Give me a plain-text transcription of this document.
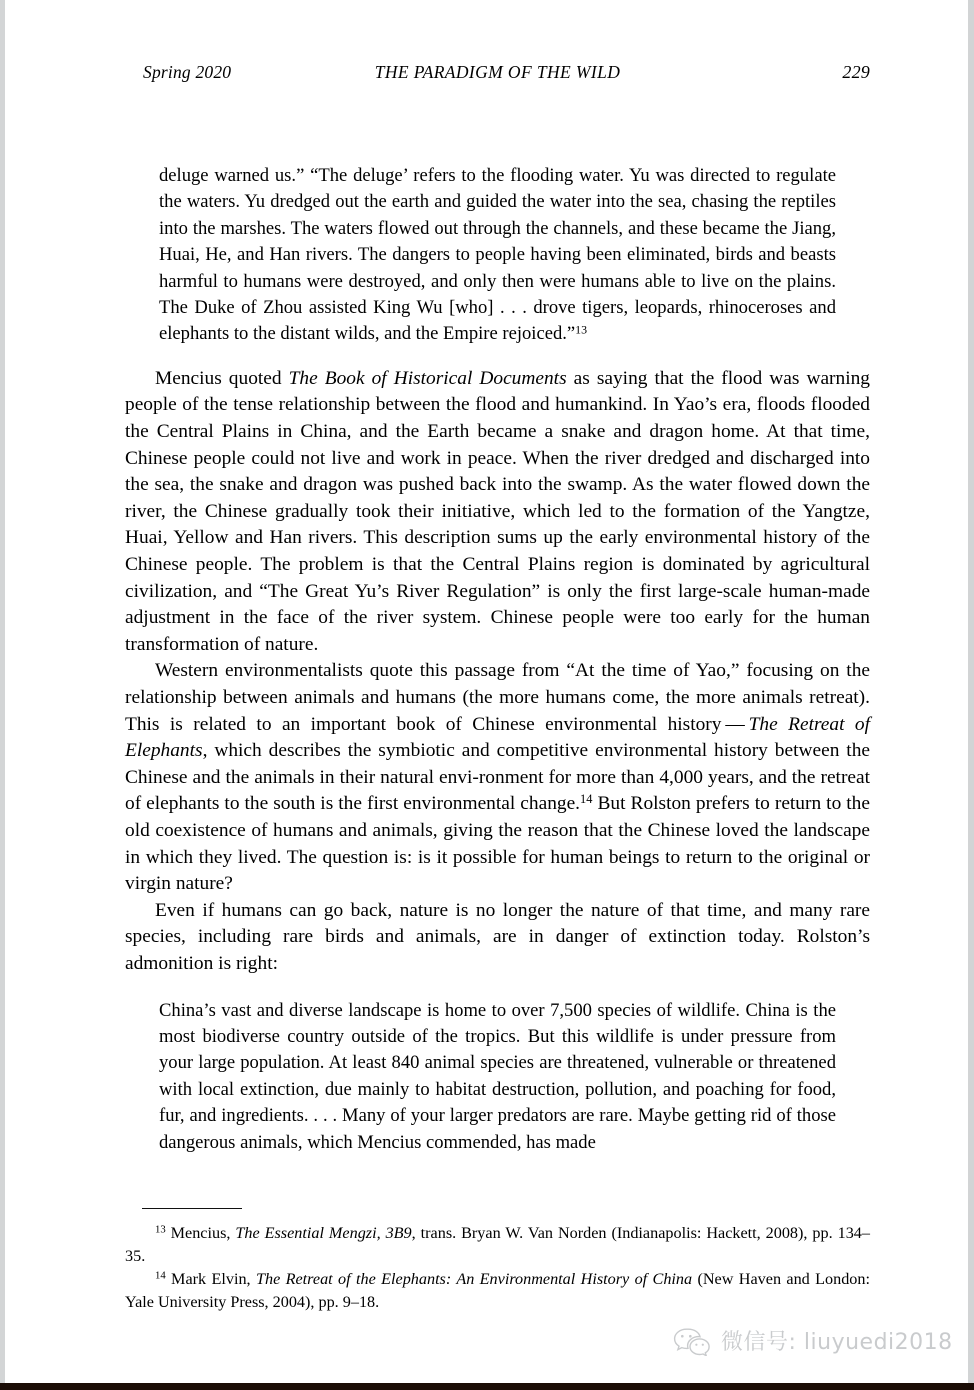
Spring 2020	THE PARADIGM OF THE WILD	229

deluge warned us.” “The deluge’ refers to the flooding water. Yu was directed to regulate the waters. Yu dredged out the earth and guided the water into the sea, chasing the reptiles into the marshes. The waters flowed out through the channels, and these became the Jiang, Huai, He, and Han rivers. The dangers to people having been eliminated, birds and beasts harmful to humans were destroyed, and only then were humans able to live on the plains. The Duke of Zhou assisted King Wu [who] . . . drove tigers, leopards, rhinoceroses and elephants to the distant wilds, and the Empire rejoiced.”$^{13}$

Mencius quoted The Book of Historical Documents as saying that the flood was warning people of the tense relationship between the flood and humankind. In Yao’s era, floods flooded the Central Plains in China, and the Earth became a snake and dragon home. At that time, Chinese people could not live and work in peace. When the river dredged and discharged into the sea, the snake and dragon was pushed back into the swamp. As the water flowed down the river, the Chinese gradually took their initiative, which led to the formation of the Yangtze, Huai, Yellow and Han rivers. This description sums up the early environmental history of the Chinese people. The problem is that the Central Plains region is dominated by agricultural civilization, and “The Great Yu’s River Regulation” is only the first large-scale human-made adjustment in the face of the river system. Chinese people were too early for the human transformation of nature.

Western environmentalists quote this passage from “At the time of Yao,” focusing on the relationship between animals and humans (the more humans come, the more animals retreat). This is related to an important book of Chinese environmental history — The Retreat of Elephants, which describes the symbiotic and competitive environmental history between the Chinese and the animals in their natural envi-ronment for more than 4,000 years, and the retreat of elephants to the south is the first environmental change.$^{14}$ But Rolston prefers to return to the old coexistence of humans and animals, giving the reason that the Chinese loved the landscape in which they lived. The question is: is it possible for human beings to return to the original or virgin nature?

Even if humans can go back, nature is no longer the nature of that time, and many rare species, including rare birds and animals, are in danger of extinction today. Rolston’s admonition is right:

China’s vast and diverse landscape is home to over 7,500 species of wildlife. China is the most biodiverse country outside of the tropics. But this wildlife is under pressure from your large population. At least 840 animal species are threatened, vulnerable or threatened with local extinction, due mainly to habitat destruction, pollution, and poaching for food, fur, and ingredients. . . . Many of your larger predators are rare. Maybe getting rid of those dangerous animals, which Mencius commended, has made

$^{13}$ Mencius, The Essential Mengzi, 3B9, trans. Bryan W. Van Norden (Indianapolis: Hackett, 2008), pp. 134–35.

$^{14}$ Mark Elvin, The Retreat of the Elephants: An Environmental History of China (New Haven and London: Yale University Press, 2004), pp. 9–18.

微信号: liuyuedi2018
